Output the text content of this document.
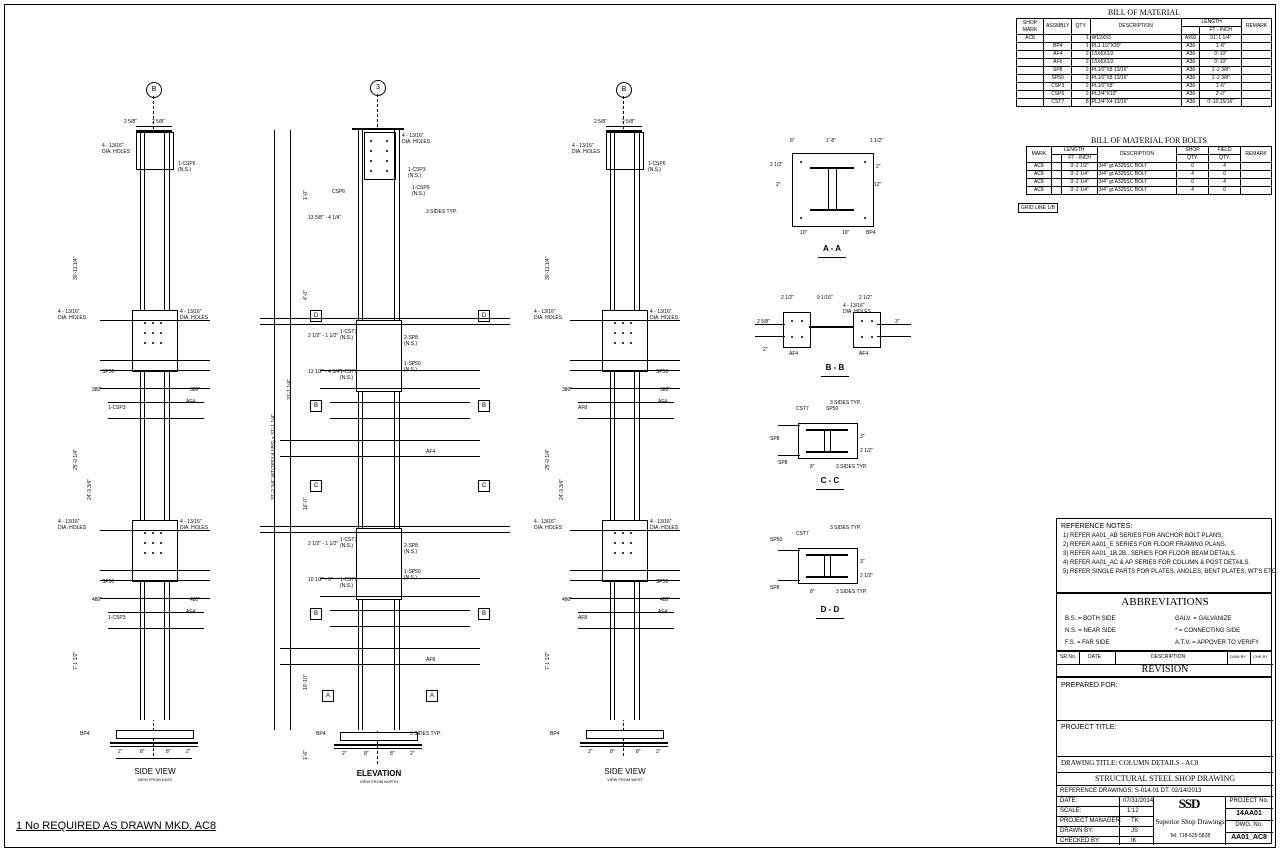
B
2"	8"	8"	2"
SIDE VIEW
VIEW FROM EAST
4 - 13/16"
DIA. HOLES
1-CSP6
(N.S.)
2 5/8"	2 5/8"
4 - 13/16"
DIA. HOLES
4 - 13/16"
DIA. HOLES
4 - 13/16"
DIA. HOLES
4 - 13/16"
DIA. HOLES
SP50
SP50
1-CSP3
1-CSP3
AF4
AF4
BP4
30'-11 1/4"
25'-0 1/4"
7'-1 1/2"
24'-3 3/4"
380"
480"
380"
480"
3
2"	8"	8"	2"
ELEVATION
VIEW FROM NORTH
D	D
B	B
C	C
B	B
A	A
32'-2 3/4" WT(2653.4 LBS) x 31'-1 1/4"
31'-1 1/4"
1'-0"
4'-0"
16'-0"
10'-10"
1'-6"
13 5/8" - 4 1/4"
13 1/2" - 4 3/4"
10 1/2" - 5"
2 1/2" - 1 1/2"
2 1/2" - 1 1/2"
4 - 13/16"
DIA. HOLES
1-CSP3
(N.S.)
1-CSP6
(N.S.)
3 SIDES TYP.
CSP6
1-CST7
(N.S.)	2-SP8
(N.S.)
1-SP50
(N.S.)
1-CST7
(N.S.)
AF4
1-CST7
(N.S.)	2-SP8
(N.S.)
1-SP50
(N.S.)
1-CST7
(N.S.)
AF8
BP4	3 SIDES TYP.
B
2"	8"	8"	2"
SIDE VIEW
VIEW FROM WEST
4 - 13/16"
DIA. HOLES
1-CSP6
(N.S.)
2 5/8"	2 5/8"
4 - 13/16"
DIA. HOLES
4 - 13/16"
DIA. HOLES
4 - 13/16"
DIA. HOLES
4 - 13/16"
DIA. HOLES
SP50
SP50
AF8
AF8
AF4
AF4
BP4
30'-11 1/4"
25'-0 1/4"
7'-1 1/2"
24'-3 3/4"
380"
480"
380"
480"
8"	1'-8"	1 1/2"
10"	10"	BP4
2"	12"
2"
2 1/2"
A - A
2 1/2"	9 1/16"	2 1/2"
2"
2 5/8"	3"
AF4	AF4
4 - 13/16"
DIA. HOLES
B - B
CST7
3 SIDES TYP.
SP8
SP8
SP50
3"
2 1/2"
8"	3 SIDES TYP.
C - C
CST7
3 SIDES TYP.
SP50
SP8
3"
2 1/2"
8"	3 SIDES TYP.
D - D
BILL OF MATERIAL
SHOP MARK	ASSMBLY	QTY.	DESCRIPTION	LENGTH		REMARK
					FT - INCH	
AC8		1	W12X53	A992	31'-1 1/4"	
	BP4	1	PL1 1/2"X20"	A36	1'-8"	
	AF4	2	L5X6X1/2	A36	0'-10"	
	AF6	2	L5X6X1/2	A36	0'-10"	
	SP8	2	PL1/2"X8 13/16"	A36	1'-2 3/8"	
	SP50	2	PL1/2"X8 13/16"	A36	1'-2 3/8"	
	CSP3	2	PL1/2"X8"	A36	1'-6"	
	CSP6	2	PL3/4"X10"	A36	2'-0"	
	CST7	8	PL3/4"X4 13/16"	A36	0'-10 15/16"	
BILL OF MATERIAL FOR BOLTS
MARK	LENGTH		DESCRIPTION	SHOP	FIELD	REMARK
		FT - INCH		QTY.	QTY.	
AC8		0'-2 1/2"	3/4" gr.A325SC BOLT	0	4	
AC8		0'-2 1/4"	3/4" gr.A325SC BOLT	4	0	
AC8		0'-2 1/4"	3/4" gr.A325SC BOLT	0	4	
AC8		0'-2 1/4"	3/4" gr.A325SC BOLT	4	0	
GRID LINE 1/B
REFERENCE NOTES:
1) REFER AA01_AB SERIES FOR ANCHOR BOLT PLANS.
2) REFER AA01_E SERIES FOR FLOOR FRAMING PLANS.
3) REFER AA01_1B,2B.. SERIES FOR FLOOR BEAM DETAILS.
4) REFER AA01_AC & AP SERIES FOR COLUMN & POST DETAILS.
5) REFER SINGLE PARTS FOR PLATES, ANGLES, BENT PLATES, WT'S ETC.
ABBREVIATIONS
B.S. = BOTH SIDE	GALV. = GALVANIZE
N.S. = NEAR SIDE	* = CONNECTING SIDE
F.S. = FAR SIDE	A.T.V. = APPOVER TO VERIFY
SR.No. DATE	DESCRIPTION	DWN BY CHK BY
REVISION
PREPARED FOR:
PROJECT TITLE:
DRAWING TITLE: COLUMN DETAILS - AC8
STRUCTURAL STEEL SHOP DRAWING
REFERENCE DRAWINGS: S-014.01 DT. 02/14/2013
DATE:	07/31/2014
SCALE:	1:12
PROJECT MANAGER: TK
DRAWN BY:	JS
CHECKED BY:	IK
PROJECT No.
14AA01
DWG. No.
AA01_AC8
SSD
Superior Shop Drawings
Tel: 718-625-5828
1 No REQUIRED AS DRAWN MKD. AC8
